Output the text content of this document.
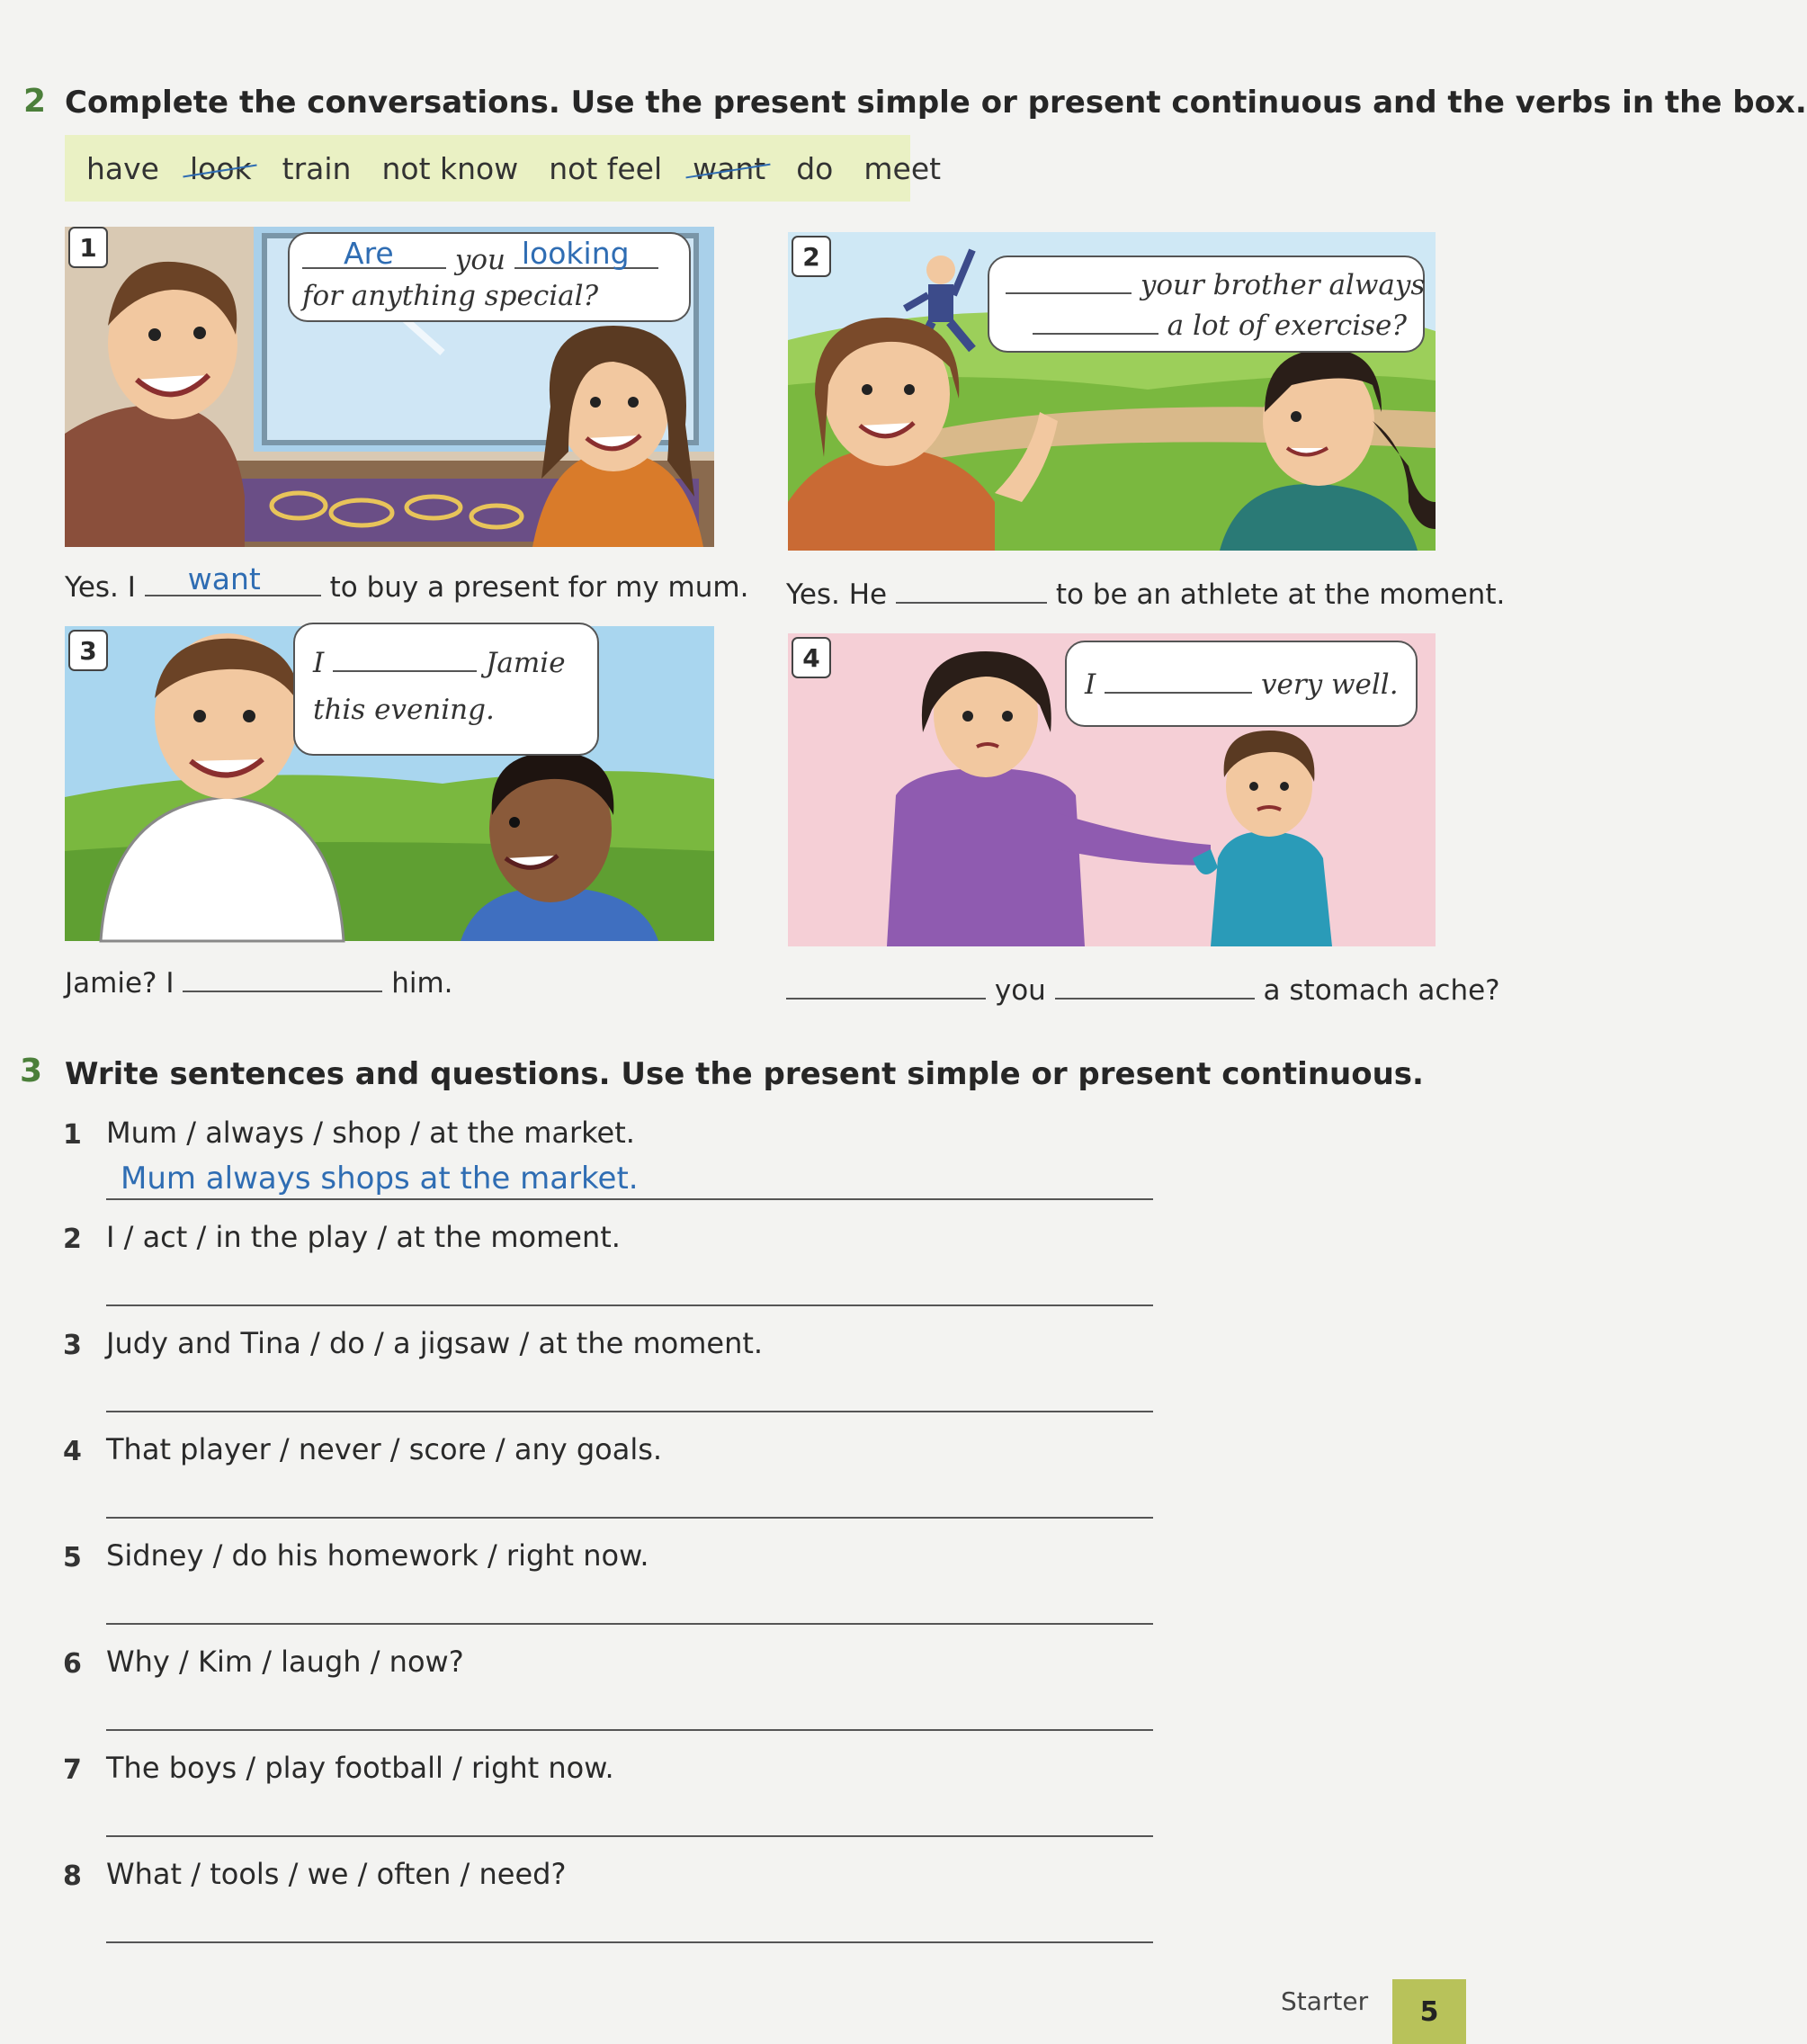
2 Complete the conversations. Use the present simple or present continuous and the verbs in the box.
have look train not know not feel want do meet
1	Are you looking
for anything special?
Yes. I want to buy a present for my mum.
2
your brother always
a lot of exercise?
Yes. He	to be an athlete at the moment.
3	I	Jamie
this evening.
Jamie? I	him.
4
I	very well.
you	a stomach ache?
3 Write sentences and questions. Use the present simple or present continuous.
1 Mum / always / shop / at the market.
Mum always shops at the market.
2 I / act / in the play / at the moment.
3 Judy and Tina / do / a jigsaw / at the moment.
4 That player / never / score / any goals.
5 Sidney / do his homework / right now.
6 Why / Kim / laugh / now?
7 The boys / play football / right now.
8 What / tools / we / often / need?
Starter	5
